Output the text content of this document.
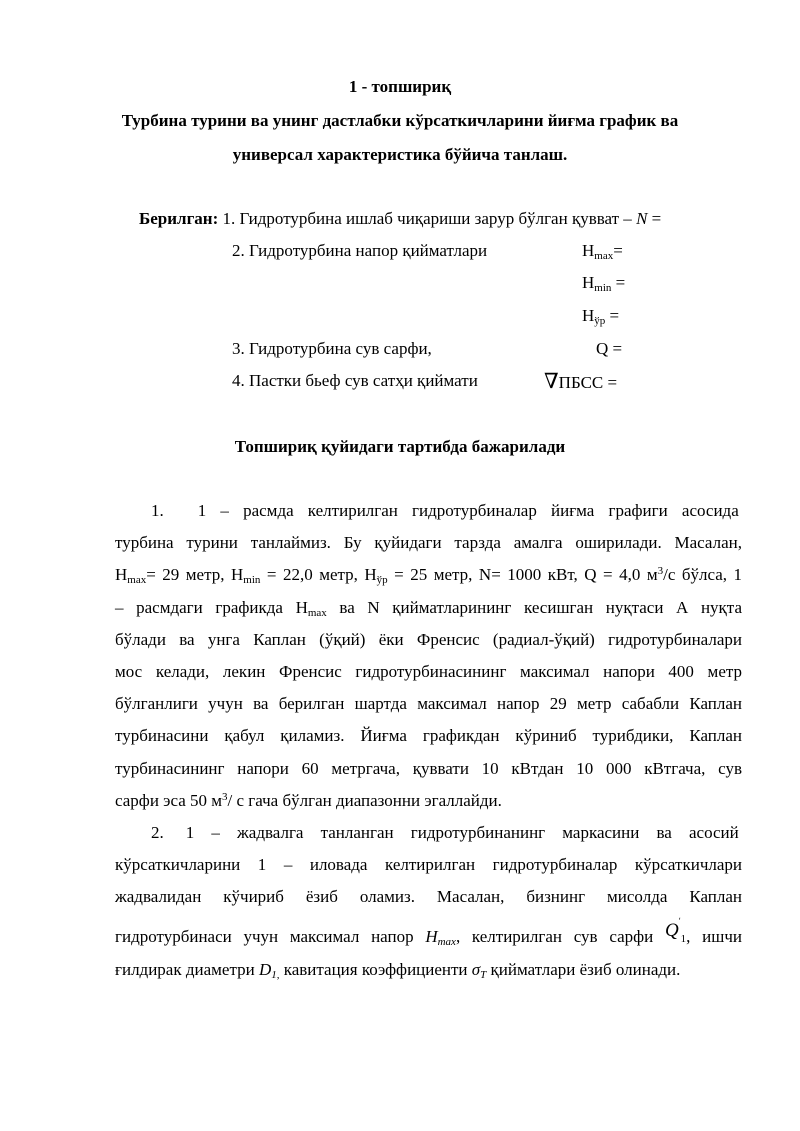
1 - топшириқ
Турбина турини ва унинг дастлабки кўрсаткичларини йиғма график ва
универсал характеристика бўйича танлаш.
Берилган: 1. Гидротурбина ишлаб чиқариши зарур бўлган қувват – N =
2. Гидротурбина напор қийматлари	$H_{max}=$
$H_{min}$ =
$H_{ўр}$ =
3. Гидротурбина сув сарфи,	Q =
4. Пастки бьеф сув сатҳи қиймати	∇ПБСС =
Топшириқ қуйидаги тартибда бажарилади
1. 1 – расмда келтирилган гидротурбиналар йиғма графиги асосида
турбина турини танлаймиз. Бу қуйидаги тарзда амалга оширилади. Масалан,
$H_{max}= 29$ метр, $H_{min} = 22,0$ метр, $H_{ўр} = 25$ метр, N= 1000 кВт, Q = 4,0 $м^3/с$ бўлса, 1
– расмдаги графикда $H_{max}$ ва N қийматларининг кесишган нуқтаси А нуқта
бўлади ва унга Каплан (ўқий) ёки Френсис (радиал-ўқий) гидротурбиналари
мос келади, лекин Френсис гидротурбинасининг максимал напори 400 метр
бўлганлиги учун ва берилган шартда максимал напор 29 метр сабабли Каплан
турбинасини қабул қиламиз. Йиғма графикдан кўриниб турибдики, Каплан
турбинасининг напори 60 метргача, қуввати 10 кВтдан 10 000 кВтгача, сув
сарфи эса 50 $м^3/$ с гача бўлган диапазонни эгаллайди.
2. 1 – жадвалга танланган гидротурбинанинг маркасини ва асосий
кўрсаткичларини 1 – иловада келтирилган гидротурбиналар кўрсаткичлари
жадвалидан кўчириб ёзиб оламиз. Масалан, бизнинг мисолда Каплан
гидротурбинаси учун максимал напор $H_{max}$, келтирилган сув сарфи $Q^ʹ1$, ишчи
ғилдирак диаметри $D_{1,}$ кавитация коэффициенти $\sigma_T$ қийматлари ёзиб олинади.
